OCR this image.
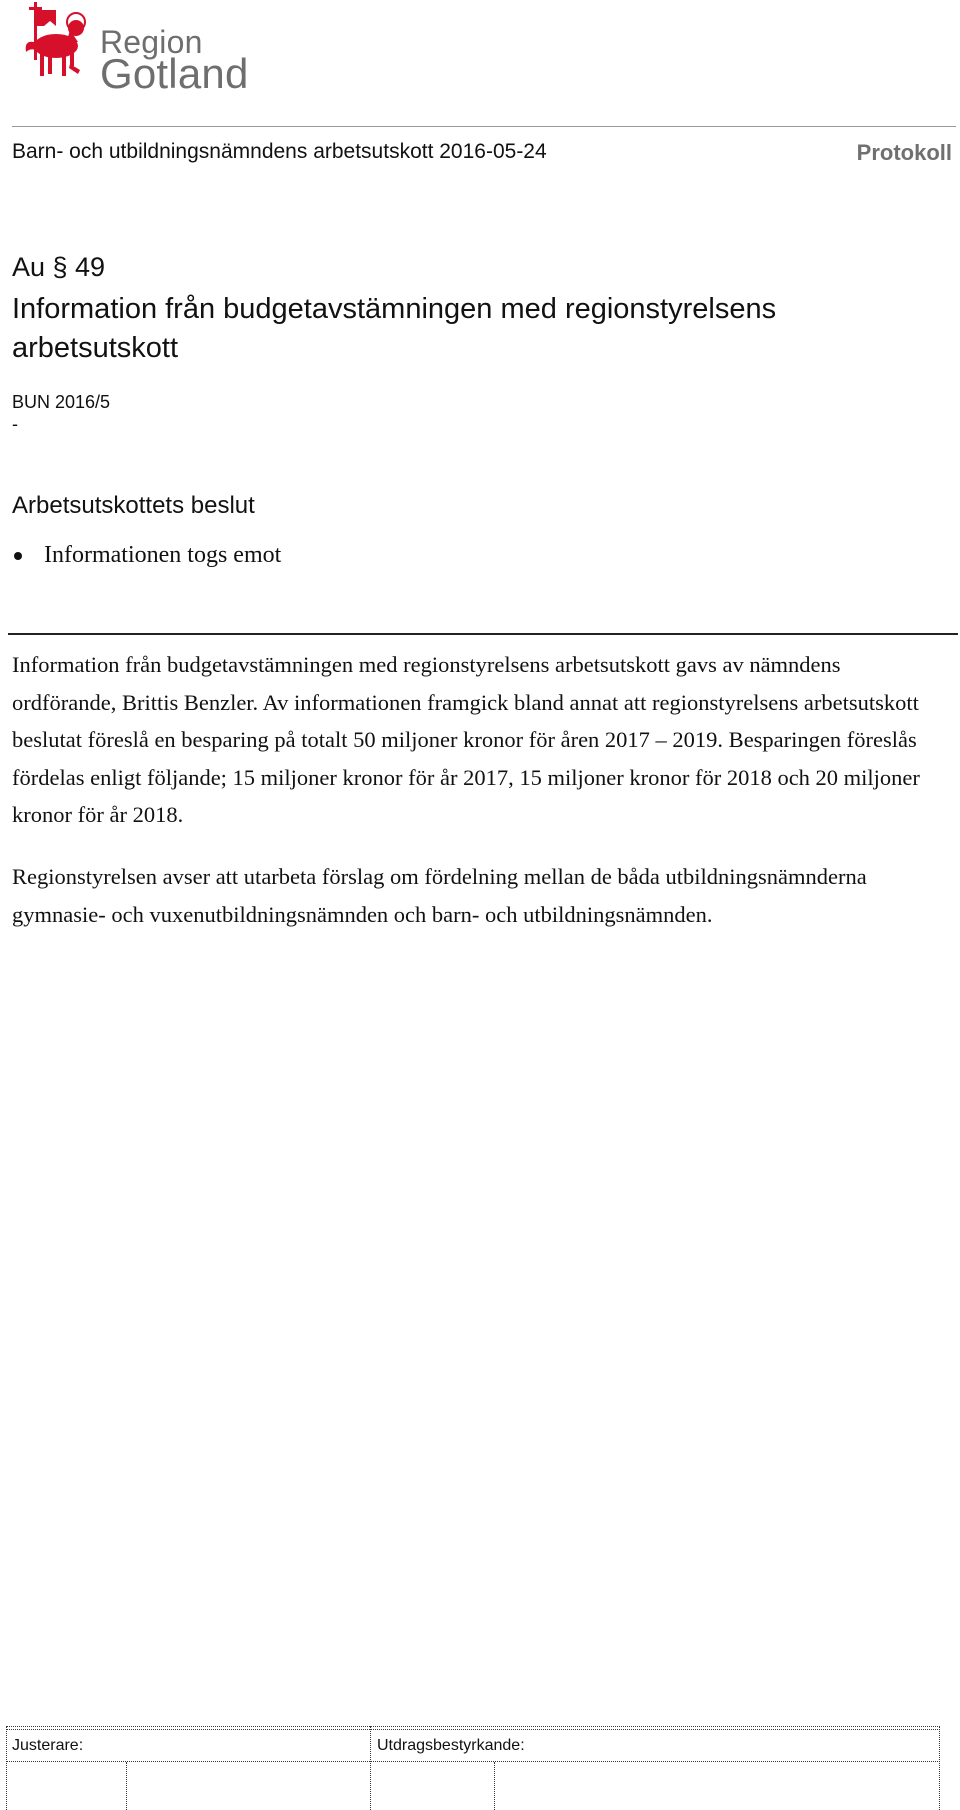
Region
Gotland
Barn- och utbildningsnämndens arbetsutskott 2016-05-24	Protokoll
Au § 49
Information från budgetavstämningen med regionstyrelsens arbetsutskott
BUN 2016/5
-
Arbetsutskottets beslut
Informationen togs emot
Information från budgetavstämningen med regionstyrelsens arbetsutskott gavs av nämndens ordförande, Brittis Benzler. Av informationen framgick bland annat att regionstyrelsens arbetsutskott beslutat föreslå en besparing på totalt 50 miljoner kronor för åren 2017 – 2019. Besparingen föreslås fördelas enligt följande; 15 miljoner kronor för år 2017, 15 miljoner kronor för 2018 och 20 miljoner kronor för år 2018.
Regionstyrelsen avser att utarbeta förslag om fördelning mellan de båda utbildningsnämnderna gymnasie- och vuxenutbildningsnämnden och barn- och utbildningsnämnden.
Justerare:	Utdragsbestyrkande:
